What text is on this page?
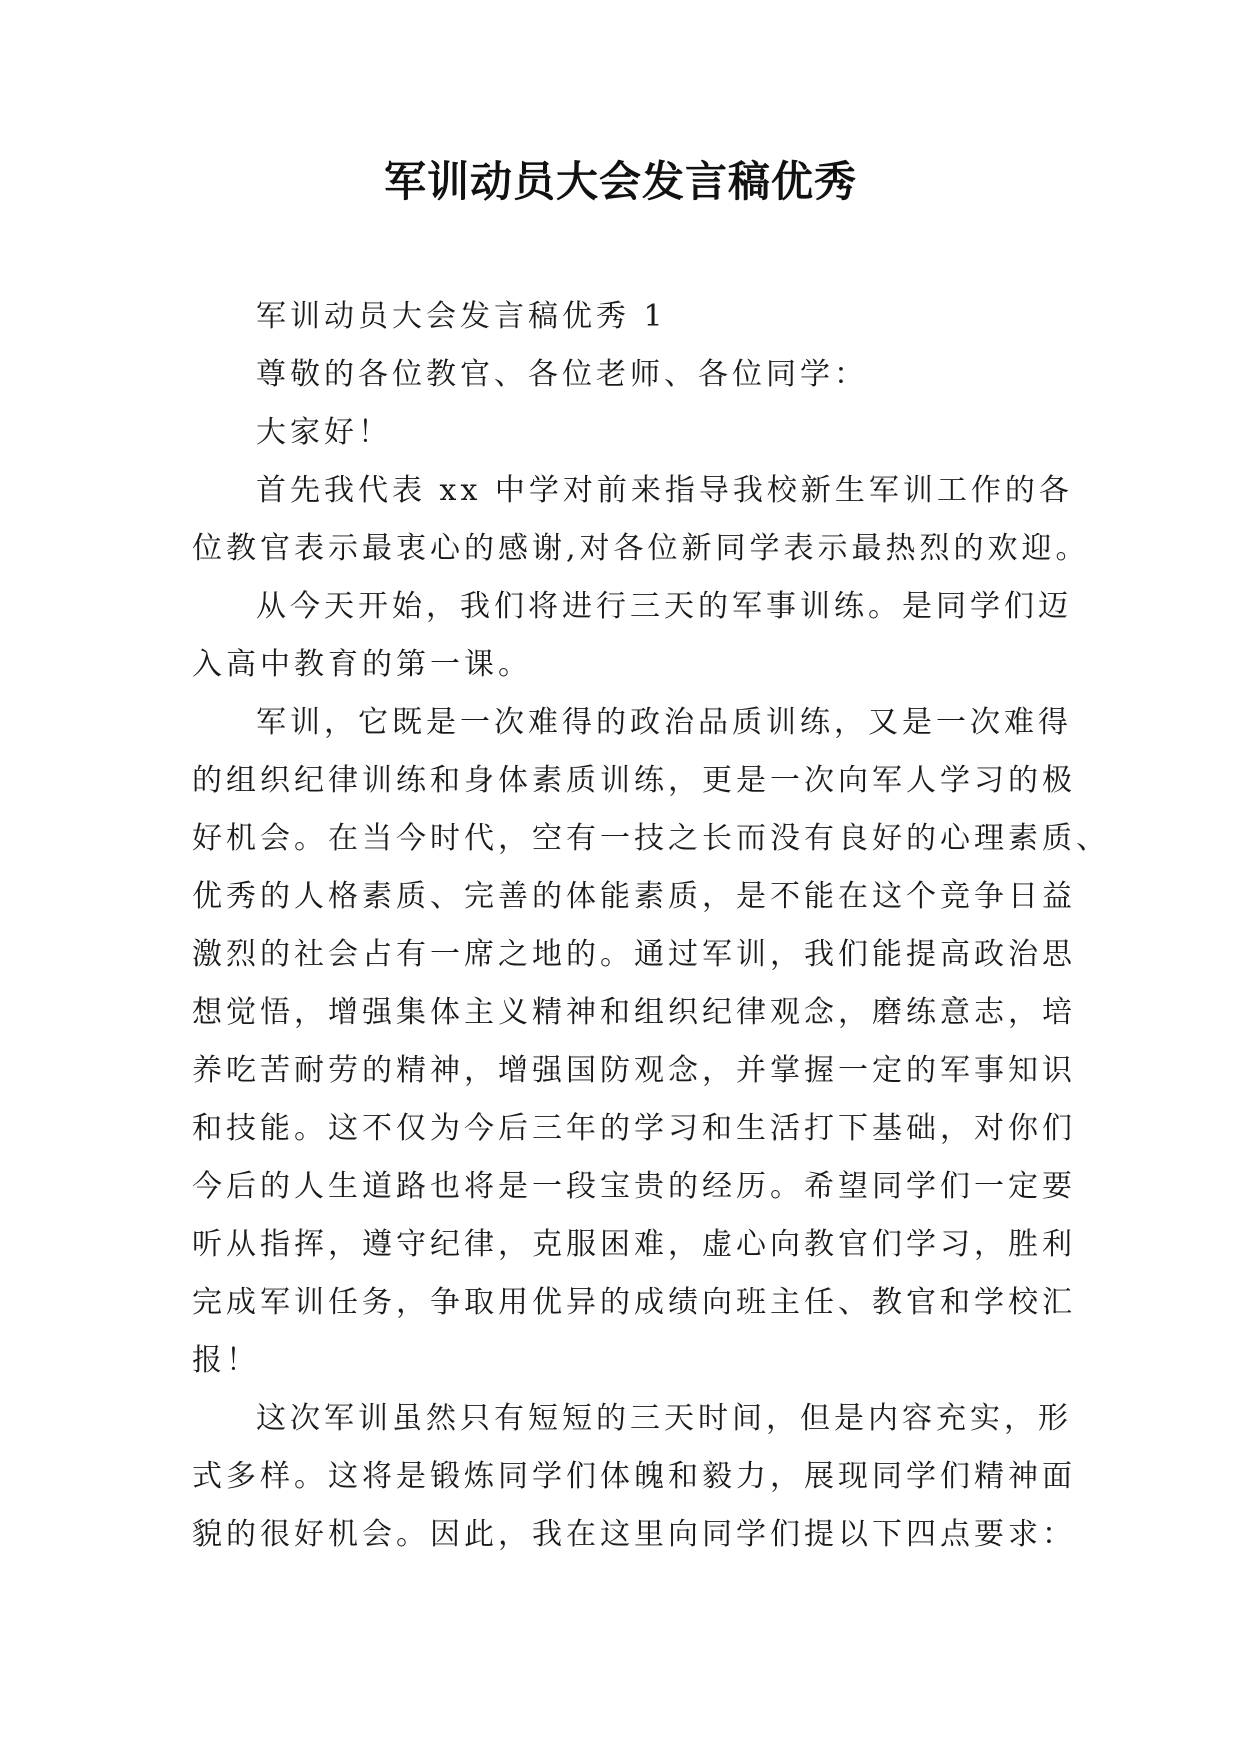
军训动员大会发言稿优秀
军训动员大会发言稿优秀 1
尊敬的各位教官、各位老师、各位同学：
大家好！
首先我代表 xx 中学对前来指导我校新生军训工作的各
位教官表示最衷心的感谢,对各位新同学表示最热烈的欢迎。
从今天开始，我们将进行三天的军事训练。是同学们迈
入高中教育的第一课。
军训，它既是一次难得的政治品质训练，又是一次难得
的组织纪律训练和身体素质训练，更是一次向军人学习的极
好机会。在当今时代，空有一技之长而没有良好的心理素质、
优秀的人格素质、完善的体能素质，是不能在这个竞争日益
激烈的社会占有一席之地的。通过军训，我们能提高政治思
想觉悟，增强集体主义精神和组织纪律观念，磨练意志，培
养吃苦耐劳的精神，增强国防观念，并掌握一定的军事知识
和技能。这不仅为今后三年的学习和生活打下基础，对你们
今后的人生道路也将是一段宝贵的经历。希望同学们一定要
听从指挥，遵守纪律，克服困难，虚心向教官们学习，胜利
完成军训任务，争取用优异的成绩向班主任、教官和学校汇
报！
这次军训虽然只有短短的三天时间，但是内容充实，形
式多样。这将是锻炼同学们体魄和毅力，展现同学们精神面
貌的很好机会。因此，我在这里向同学们提以下四点要求：
